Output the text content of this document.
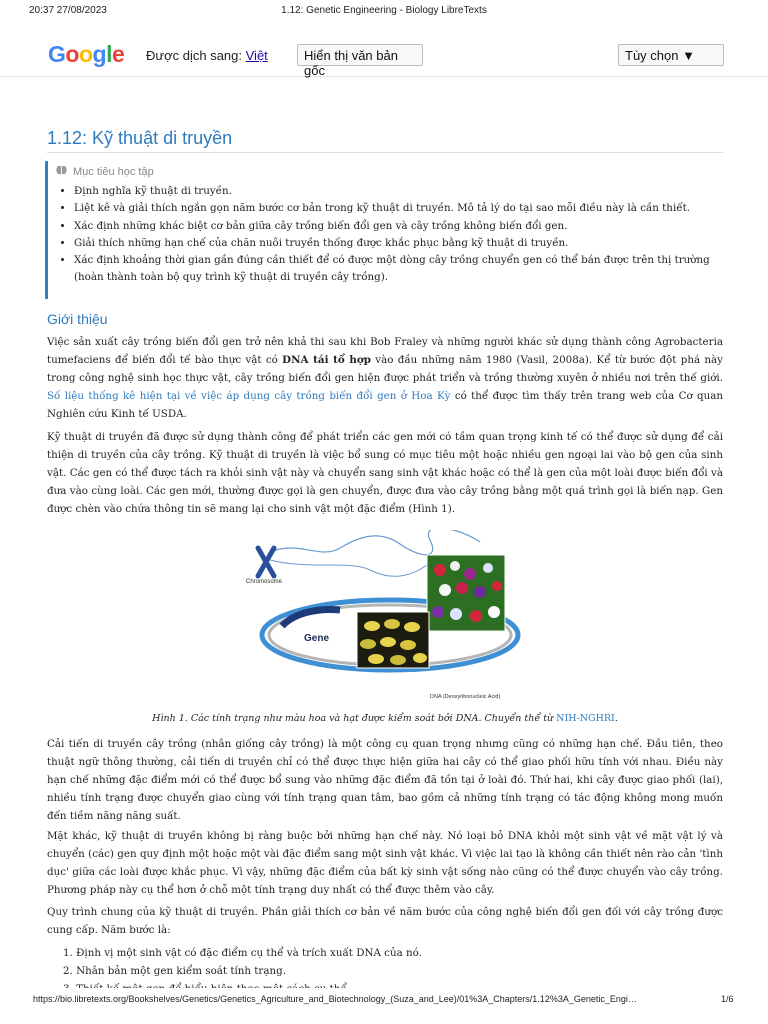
20:37 27/08/2023	1.12: Genetic Engineering - Biology LibreTexts
Google Được dịch sang: Việt	Hiển thị văn bản gốc
Tùy chọn ▼
1.12: Kỹ thuật di truyền
Mục tiêu học tập
• Định nghĩa kỹ thuật di truyền.
• Liệt kê và giải thích ngắn gọn năm bước cơ bản trong kỹ thuật di truyền. Mô tả lý do tại sao mỗi điều này là cần thiết.
• Xác định những khác biệt cơ bản giữa cây trồng biến đổi gen và cây trồng không biến đổi gen.
• Giải thích những hạn chế của chăn nuôi truyền thống được khắc phục bằng kỹ thuật di truyền.
• Xác định khoảng thời gian gần đúng cần thiết để có được một dòng cây trồng chuyển gen có thể bán được trên thị trường (hoàn thành toàn bộ quy trình kỹ thuật di truyền cây trồng).
Giới thiệu

Việc sản xuất cây trồng biến đổi gen trở nên khả thi sau khi Bob Fraley và những người khác sử dụng thành công Agrobacteria tumefaciens để biến đổi tế bào thực vật có DNA tái tổ hợp vào đầu những năm 1980 (Vasil, 2008a). Kể từ bước đột phá này trong công nghệ sinh học thực vật, cây trồng biến đổi gen hiện được phát triển và trồng thường xuyên ở nhiều nơi trên thế giới. Số liệu thống kê hiện tại về việc áp dụng cây trồng biến đổi gen ở Hoa Kỳ có thể được tìm thấy trên trang web của Cơ quan Nghiên cứu Kinh tế USDA.

Kỹ thuật di truyền đã được sử dụng thành công để phát triển các gen mới có tầm quan trọng kinh tế có thể được sử dụng để cải thiện di truyền của cây trồng. Kỹ thuật di truyền là việc bổ sung có mục tiêu một hoặc nhiều gen ngoại lai vào bộ gen của sinh vật. Các gen có thể được tách ra khỏi sinh vật này và chuyển sang sinh vật khác hoặc có thể là gen của một loài được biến đổi và đưa vào cùng loài. Các gen mới, thường được gọi là gen chuyển, được đưa vào cây trồng bằng một quá trình gọi là biến nạp. Gen được chèn vào chứa thông tin sẽ mang lại cho sinh vật một đặc điểm (Hình 1).

Chromosome
Gene
DNA (Deoxyribonucleic Acid)
Hình 1. Các tính trạng như màu hoa và hạt được kiểm soát bởi DNA. Chuyển thể từ NIH-NGHRI.

Cải tiến di truyền cây trồng (nhân giống cây trồng) là một công cụ quan trọng nhưng cũng có những hạn chế. Đầu tiên, theo thuật ngữ thông thường, cải tiến di truyền chỉ có thể được thực hiện giữa hai cây có thể giao phối hữu tính với nhau. Điều này hạn chế những đặc điểm mới có thể được bổ sung vào những đặc điểm đã tồn tại ở loài đó. Thứ hai, khi cây được giao phối (lai), nhiều tính trạng được chuyển giao cùng với tính trạng quan tâm, bao gồm cả những tính trạng có tác động không mong muốn đến tiềm năng năng suất.

Mặt khác, kỹ thuật di truyền không bị ràng buộc bởi những hạn chế này. Nó loại bỏ DNA khỏi một sinh vật về mặt vật lý và chuyển (các) gen quy định một hoặc một vài đặc điểm sang một sinh vật khác. Vì việc lai tạo là không cần thiết nên rào cản 'tình dục' giữa các loài được khắc phục. Vì vậy, những đặc điểm của bất kỳ sinh vật sống nào cũng có thể được chuyển vào cây trồng. Phương pháp này cụ thể hơn ở chỗ một tính trạng duy nhất có thể được thêm vào cây.

Quy trình chung của kỹ thuật di truyền. Phần giải thích cơ bản về năm bước của công nghệ biến đổi gen đối với cây trồng được cung cấp. Năm bước là:

1. Định vị một sinh vật có đặc điểm cụ thể và trích xuất DNA của nó.
2. Nhân bản một gen kiểm soát tính trạng.
https://bio.libretexts.org/Bookshelves/Genetics/Genetics_Agriculture_and_Biotechnology_(Suza_and_Lee)/01%3A_Chapters/1.12%3A_Genetic_Engi…	1/6
